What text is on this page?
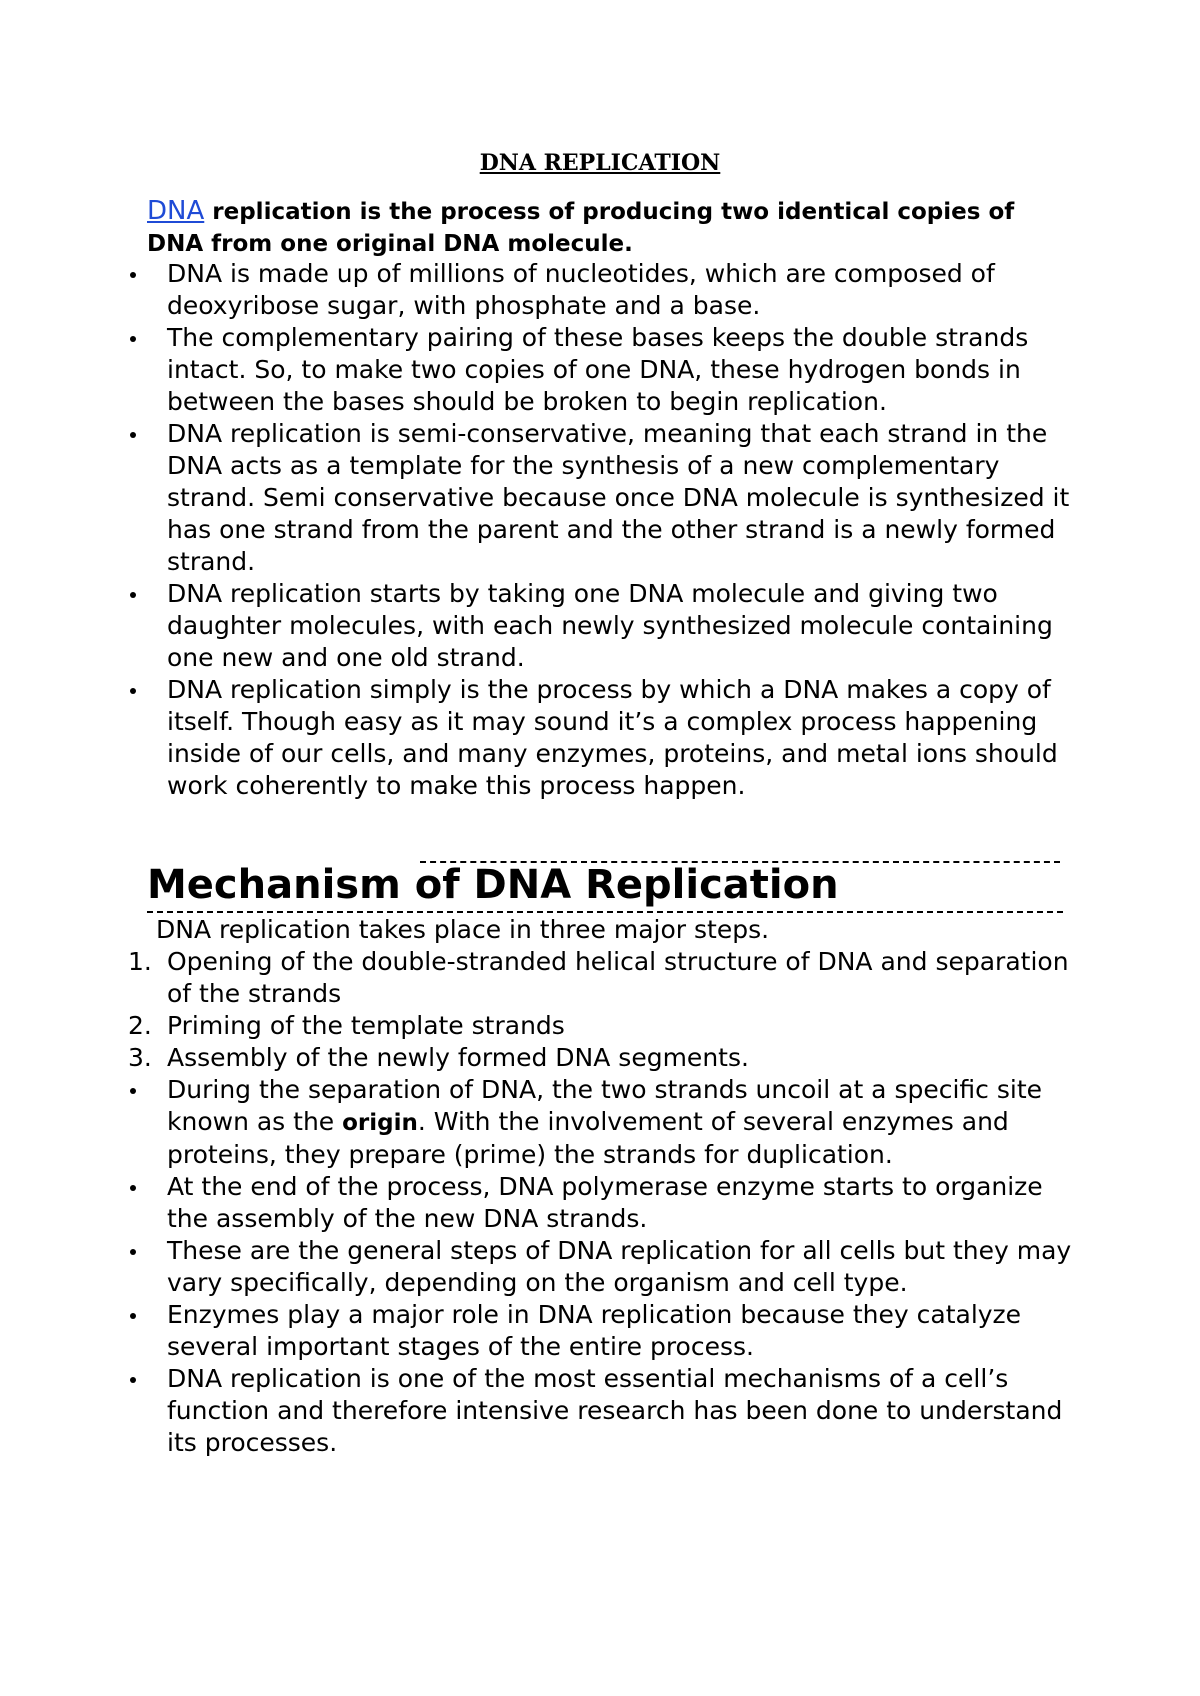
DNA REPLICATION
DNA replication is the process of producing two identical copies of DNA from one original DNA molecule.
DNA is made up of millions of nucleotides, which are composed of deoxyribose sugar, with phosphate and a base.
The complementary pairing of these bases keeps the double strands intact. So, to make two copies of one DNA, these hydrogen bonds in between the bases should be broken to begin replication.
DNA replication is semi-conservative, meaning that each strand in the DNA acts as a template for the synthesis of a new complementary strand. Semi conservative because once DNA molecule is synthesized it has one strand from the parent and the other strand is a newly formed strand.
DNA replication starts by taking one DNA molecule and giving two daughter molecules, with each newly synthesized molecule containing one new and one old strand.
DNA replication simply is the process by which a DNA makes a copy of itself. Though easy as it may sound it’s a complex process happening inside of our cells, and many enzymes, proteins, and metal ions should work coherently to make this process happen.
Mechanism of DNA Replication
DNA replication takes place in three major steps.
1. Opening of the double-stranded helical structure of DNA and separation of the strands
2. Priming of the template strands
3. Assembly of the newly formed DNA segments.
During the separation of DNA, the two strands uncoil at a specific site known as the origin. With the involvement of several enzymes and proteins, they prepare (prime) the strands for duplication.
At the end of the process, DNA polymerase enzyme starts to organize the assembly of the new DNA strands.
These are the general steps of DNA replication for all cells but they may vary specifically, depending on the organism and cell type.
Enzymes play a major role in DNA replication because they catalyze several important stages of the entire process.
DNA replication is one of the most essential mechanisms of a cell’s function and therefore intensive research has been done to understand its processes.
